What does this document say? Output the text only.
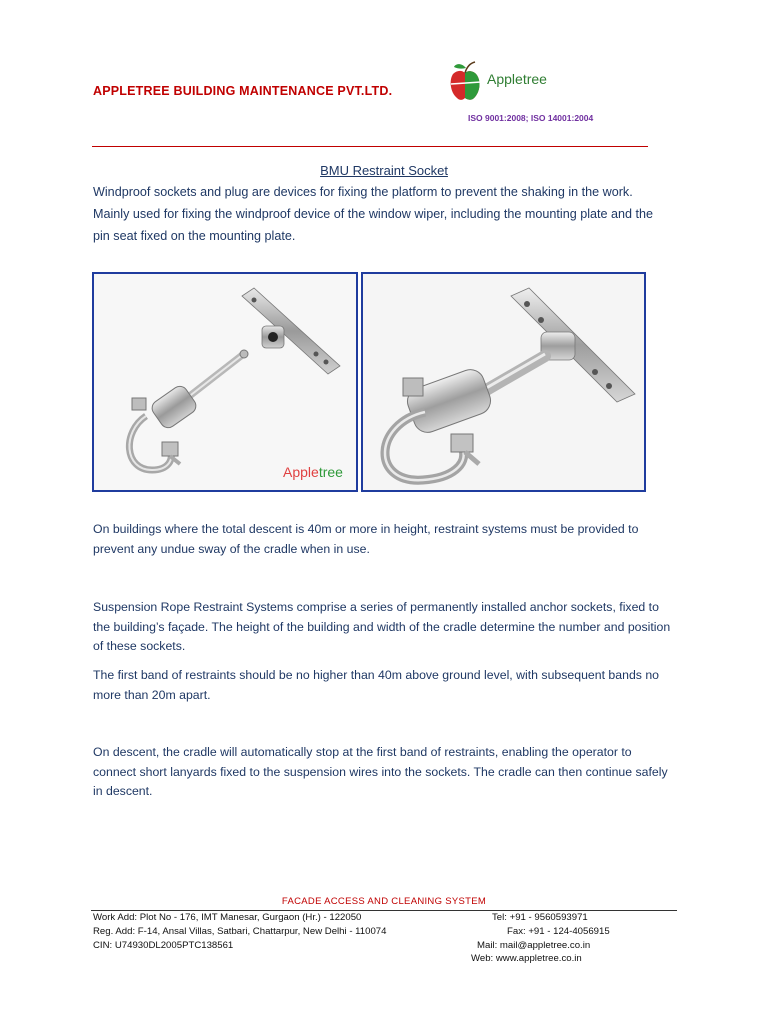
APPLETREE BUILDING MAINTENANCE PVT.LTD.
Appletree
ISO 9001:2008; ISO 14001:2004
BMU Restraint Socket
Windproof sockets and plug are devices for fixing the platform to prevent the shaking in the work. Mainly used for fixing the windproof device of the window wiper, including the mounting plate and the pin seat fixed on the mounting plate.
Appletree
On buildings where the total descent is 40m or more in height, restraint systems must be provided to prevent any undue sway of the cradle when in use.
Suspension Rope Restraint Systems comprise a series of permanently installed anchor sockets, fixed to the building’s façade. The height of the building and width of the cradle determine the number and position of these sockets.
The first band of restraints should be no higher than 40m above ground level, with subsequent bands no more than 20m apart.
On descent, the cradle will automatically stop at the first band of restraints, enabling the operator to connect short lanyards fixed to the suspension wires into the sockets. The cradle can then continue safely in descent.
FACADE ACCESS AND CLEANING SYSTEM
Work Add: Plot No - 176, IMT Manesar, Gurgaon (Hr.) - 122050
Reg. Add: F-14, Ansal Villas, Satbari, Chattarpur, New Delhi - 110074
CIN: U74930DL2005PTC138561
Tel: +91 - 9560593971
Fax: +91 - 124-4056915
Mail: mail@appletree.co.in
Web: www.appletree.co.in
